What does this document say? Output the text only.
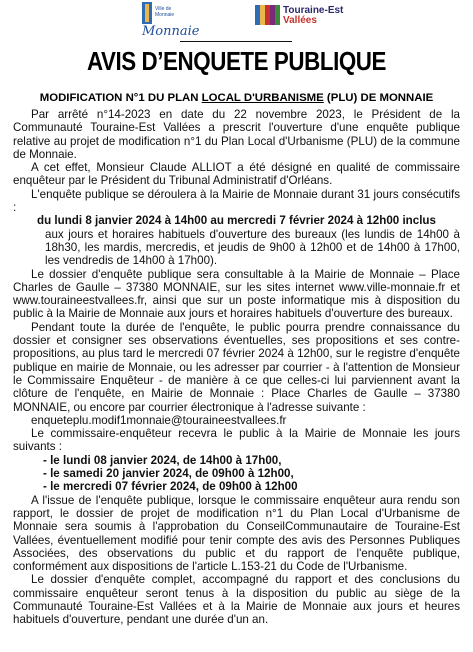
Ville de Monnaie
Monnaie
Touraine-Est
Vallées
AVIS D’ENQUETE PUBLIQUE
MODIFICATION N°1 DU PLAN LOCAL D'URBANISME (PLU) DE MONNAIE

Par arrêté n°14-2023 en date du 22 novembre 2023, le Président de la Communauté Touraine-Est Vallées a prescrit l'ouverture d'une enquête publique relative au projet de modification n°1 du Plan Local d'Urbanisme (PLU) de la commune de Monnaie.

A cet effet, Monsieur Claude ALLIOT a été désigné en qualité de commissaire enquêteur par le Président du Tribunal Administratif d'Orléans.

L'enquête publique se déroulera à la Mairie de Monnaie durant 31 jours consécutifs :

du lundi 8 janvier 2024 à 14h00 au mercredi 7 février 2024 à 12h00 inclus

aux jours et horaires habituels d'ouverture des bureaux (les lundis de 14h00 à 18h30, les mardis, mercredis, et jeudis de 9h00 à 12h00 et de 14h00 à 17h00, les vendredis de 14h00 à 17h00).

Le dossier d'enquête publique sera consultable à la Mairie de Monnaie – Place Charles de Gaulle – 37380 MONNAIE, sur les sites internet www.ville-monnaie.fr et www.touraineestvallees.fr, ainsi que sur un poste informatique mis à disposition du public à la Mairie de Monnaie aux jours et horaires habituels d'ouverture des bureaux.

Pendant toute la durée de l'enquête, le public pourra prendre connaissance du dossier et consigner ses observations éventuelles, ses propositions et ses contre-propositions, au plus tard le mercredi 07 février 2024 à 12h00, sur le registre d'enquête publique en mairie de Monnaie, ou les adresser par courrier - à l'attention de Monsieur le Commissaire Enquêteur - de manière à ce que celles-ci lui parviennent avant la clôture de l'enquête, en Mairie de Monnaie : Place Charles de Gaulle – 37380 MONNAIE, ou encore par courrier électronique à l'adresse suivante :

enqueteplu.modif1monnaie@touraineestvallees.fr

Le commissaire-enquêteur recevra le public à la Mairie de Monnaie les jours suivants :

- le lundi 08 janvier 2024, de 14h00 à 17h00,

- le samedi 20 janvier 2024, de 09h00 à 12h00,

- le mercredi 07 février 2024, de 09h00 à 12h00

A l'issue de l'enquête publique, lorsque le commissaire enquêteur aura rendu son rapport, le dossier de projet de modification n°1 du Plan Local d'Urbanisme de Monnaie sera soumis à l'approbation du ConseilCommunautaire de Touraine-Est Vallées, éventuellement modifié pour tenir compte des avis des Personnes Publiques Associées, des observations du public et du rapport de l'enquête publique, conformément aux dispositions de l'article L.153-21 du Code de l'Urbanisme.

Le dossier d'enquête complet, accompagné du rapport et des conclusions du commissaire enquêteur seront tenus à la disposition du public au siège de la Communauté Touraine-Est Vallées et à la Mairie de Monnaie aux jours et heures habituels d'ouverture, pendant une durée d'un an.
